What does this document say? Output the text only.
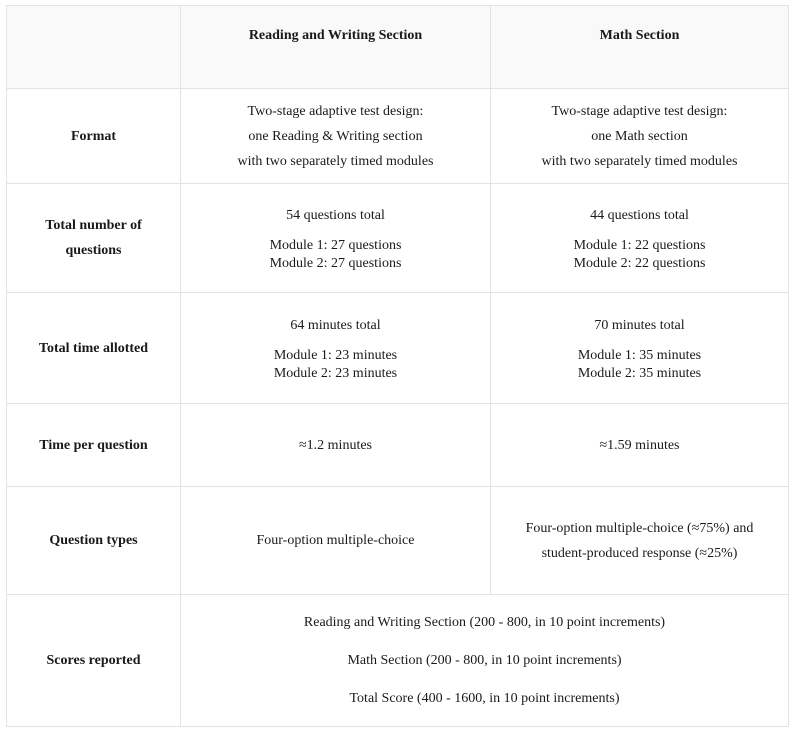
	Reading and Writing Section	Math Section
Format	Two-stage adaptive test design:
one Reading & Writing section
with two separately timed modules	Two-stage adaptive test design:
one Math section
with two separately timed modules

Total number of
questions	54 questions total
Module 1: 27 questions
Module 2: 27 questions	44 questions total
Module 1: 22 questions
Module 2: 22 questions

Total time allotted	64 minutes total
Module 1: 23 minutes
Module 2: 23 minutes	70 minutes total
Module 1: 35 minutes
Module 2: 35 minutes

Time per question	≈1.2 minutes	≈1.59 minutes
Question types	Four-option multiple-choice	Four-option multiple-choice (≈75%) and
student-produced response (≈25%)

Scores reported	Reading and Writing Section (200 - 800, in 10 point increments)
Math Section (200 - 800, in 10 point increments)
Total Score (400 - 1600, in 10 point increments)	
